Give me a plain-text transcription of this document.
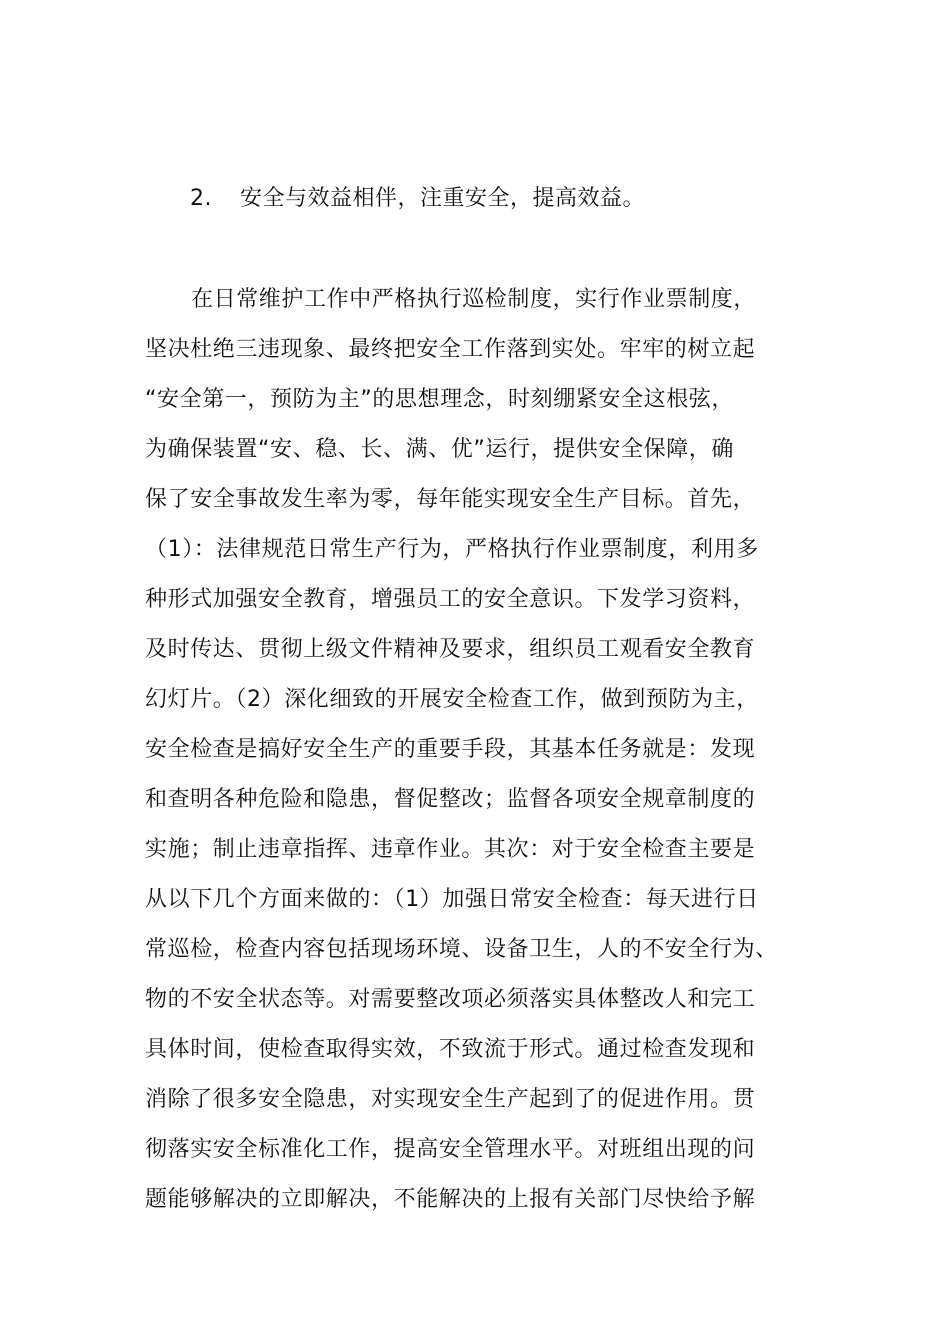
2. 安全与效益相伴，注重安全，提高效益。
在日常维护工作中严格执行巡检制度，实行作业票制度，
坚决杜绝三违现象、最终把安全工作落到实处。牢牢的树立起
“安全第一，预防为主”的思想理念，时刻绷紧安全这根弦，
为确保装置“安、稳、长、满、优”运行，提供安全保障，确
保了安全事故发生率为零，每年能实现安全生产目标。首先，
（1）：法律规范日常生产行为，严格执行作业票制度，利用多
种形式加强安全教育，增强员工的安全意识。下发学习资料，
及时传达、贯彻上级文件精神及要求，组织员工观看安全教育
幻灯片。（2）深化细致的开展安全检查工作，做到预防为主，
安全检查是搞好安全生产的重要手段，其基本任务就是：发现
和查明各种危险和隐患，督促整改；监督各项安全规章制度的
实施；制止违章指挥、违章作业。其次：对于安全检查主要是
从以下几个方面来做的：（1）加强日常安全检查：每天进行日
常巡检，检查内容包括现场环境、设备卫生，人的不安全行为、
物的不安全状态等。对需要整改项必须落实具体整改人和完工
具体时间，使检查取得实效，不致流于形式。通过检查发现和
消除了很多安全隐患，对实现安全生产起到了的促进作用。贯
彻落实安全标准化工作，提高安全管理水平。对班组出现的问
题能够解决的立即解决，不能解决的上报有关部门尽快给予解
